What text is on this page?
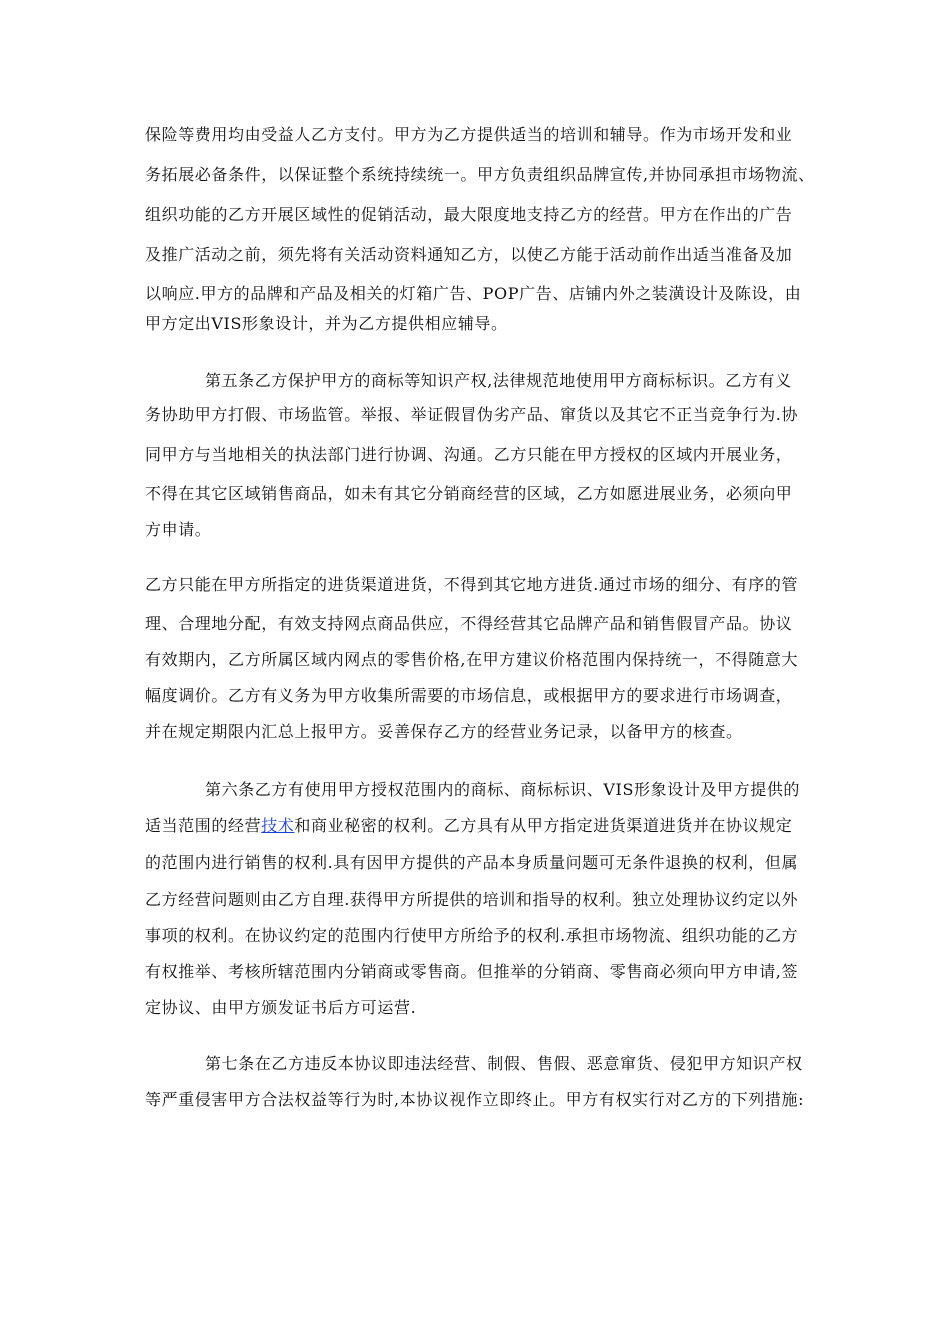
保险等费用均由受益人乙方支付。甲方为乙方提供适当的培训和辅导。作为市场开发和业
务拓展必备条件，以保证整个系统持续统一。甲方负责组织品牌宣传,并协同承担市场物流、
组织功能的乙方开展区域性的促销活动，最大限度地支持乙方的经营。甲方在作出的广告
及推广活动之前，须先将有关活动资料通知乙方，以使乙方能于活动前作出适当准备及加
以响应.甲方的品牌和产品及相关的灯箱广告、POP广告、店铺内外之装潢设计及陈设，由
甲方定出VIS形象设计，并为乙方提供相应辅导。
第五条乙方保护甲方的商标等知识产权,法律规范地使用甲方商标标识。乙方有义
务协助甲方打假、市场监管。举报、举证假冒伪劣产品、窜货以及其它不正当竞争行为.协
同甲方与当地相关的执法部门进行协调、沟通。乙方只能在甲方授权的区域内开展业务，
不得在其它区域销售商品，如未有其它分销商经营的区域，乙方如愿进展业务，必须向甲
方申请。
乙方只能在甲方所指定的进货渠道进货，不得到其它地方进货.通过市场的细分、有序的管
理、合理地分配，有效支持网点商品供应，不得经营其它品牌产品和销售假冒产品。协议
有效期内，乙方所属区域内网点的零售价格,在甲方建议价格范围内保持统一，不得随意大
幅度调价。乙方有义务为甲方收集所需要的市场信息，或根据甲方的要求进行市场调查，
并在规定期限内汇总上报甲方。妥善保存乙方的经营业务记录，以备甲方的核查。
第六条乙方有使用甲方授权范围内的商标、商标标识、VIS形象设计及甲方提供的
适当范围的经营技术和商业秘密的权利。乙方具有从甲方指定进货渠道进货并在协议规定
的范围内进行销售的权利.具有因甲方提供的产品本身质量问题可无条件退换的权利，但属
乙方经营问题则由乙方自理.获得甲方所提供的培训和指导的权利。独立处理协议约定以外
事项的权利。在协议约定的范围内行使甲方所给予的权利.承担市场物流、组织功能的乙方
有权推举、考核所辖范围内分销商或零售商。但推举的分销商、零售商必须向甲方申请,签
定协议、由甲方颁发证书后方可运营.
第七条在乙方违反本协议即违法经营、制假、售假、恶意窜货、侵犯甲方知识产权
等严重侵害甲方合法权益等行为时,本协议视作立即终止。甲方有权实行对乙方的下列措施:
